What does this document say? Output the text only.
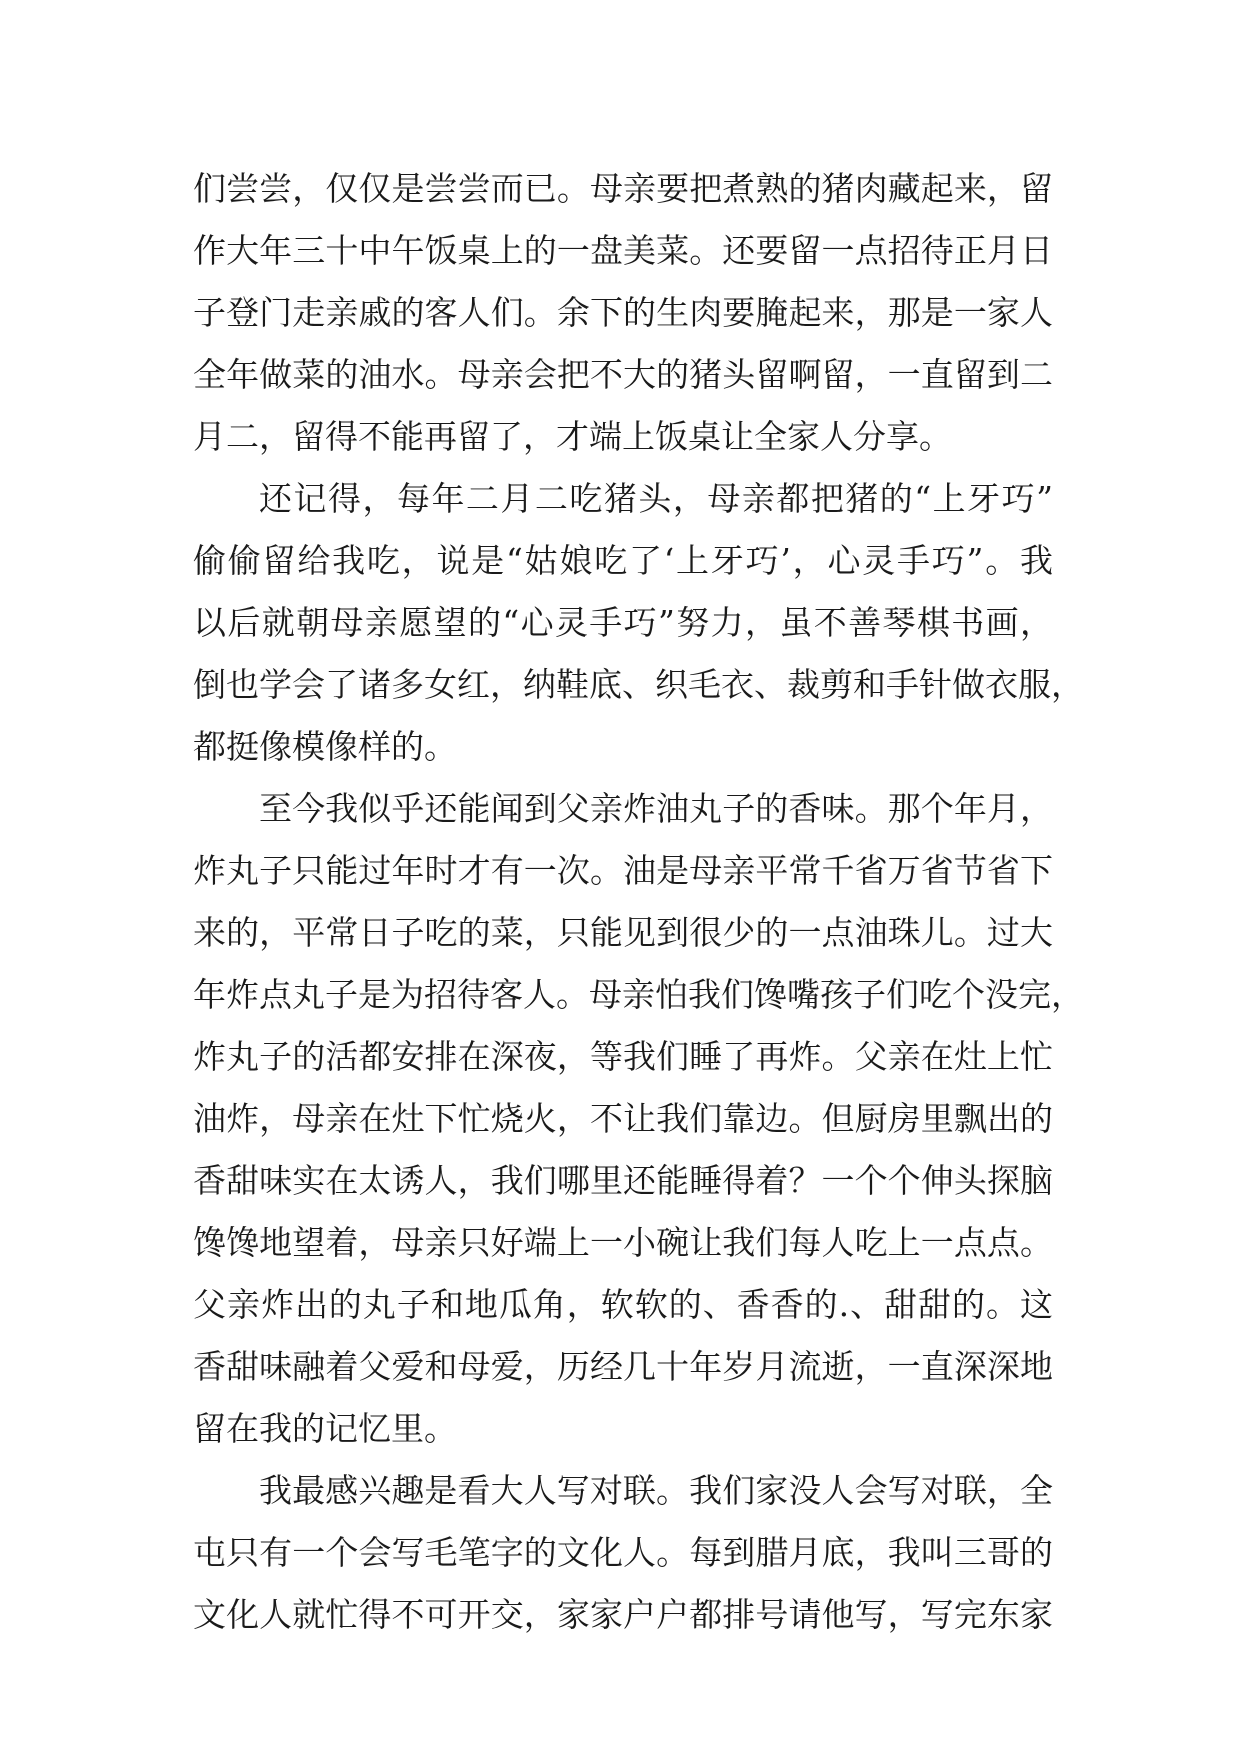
们尝尝，仅仅是尝尝而已。母亲要把煮熟的猪肉藏起来，留
作大年三十中午饭桌上的一盘美菜。还要留一点招待正月日
子登门走亲戚的客人们。余下的生肉要腌起来，那是一家人
全年做菜的油水。母亲会把不大的猪头留啊留，一直留到二
月二，留得不能再留了，才端上饭桌让全家人分享。
还记得，每年二月二吃猪头，母亲都把猪的“上牙巧”
偷偷留给我吃，说是“姑娘吃了‘上牙巧’，心灵手巧”。我
以后就朝母亲愿望的“心灵手巧”努力，虽不善琴棋书画，
倒也学会了诸多女红，纳鞋底、织毛衣、裁剪和手针做衣服，
都挺像模像样的。
至今我似乎还能闻到父亲炸油丸子的香味。那个年月，
炸丸子只能过年时才有一次。油是母亲平常千省万省节省下
来的，平常日子吃的菜，只能见到很少的一点油珠儿。过大
年炸点丸子是为招待客人。母亲怕我们馋嘴孩子们吃个没完，
炸丸子的活都安排在深夜，等我们睡了再炸。父亲在灶上忙
油炸，母亲在灶下忙烧火，不让我们靠边。但厨房里飘出的
香甜味实在太诱人，我们哪里还能睡得着？一个个伸头探脑
馋馋地望着，母亲只好端上一小碗让我们每人吃上一点点。
父亲炸出的丸子和地瓜角，软软的、香香的.、甜甜的。这
香甜味融着父爱和母爱，历经几十年岁月流逝，一直深深地
留在我的记忆里。
我最感兴趣是看大人写对联。我们家没人会写对联，全
屯只有一个会写毛笔字的文化人。每到腊月底，我叫三哥的
文化人就忙得不可开交，家家户户都排号请他写，写完东家
